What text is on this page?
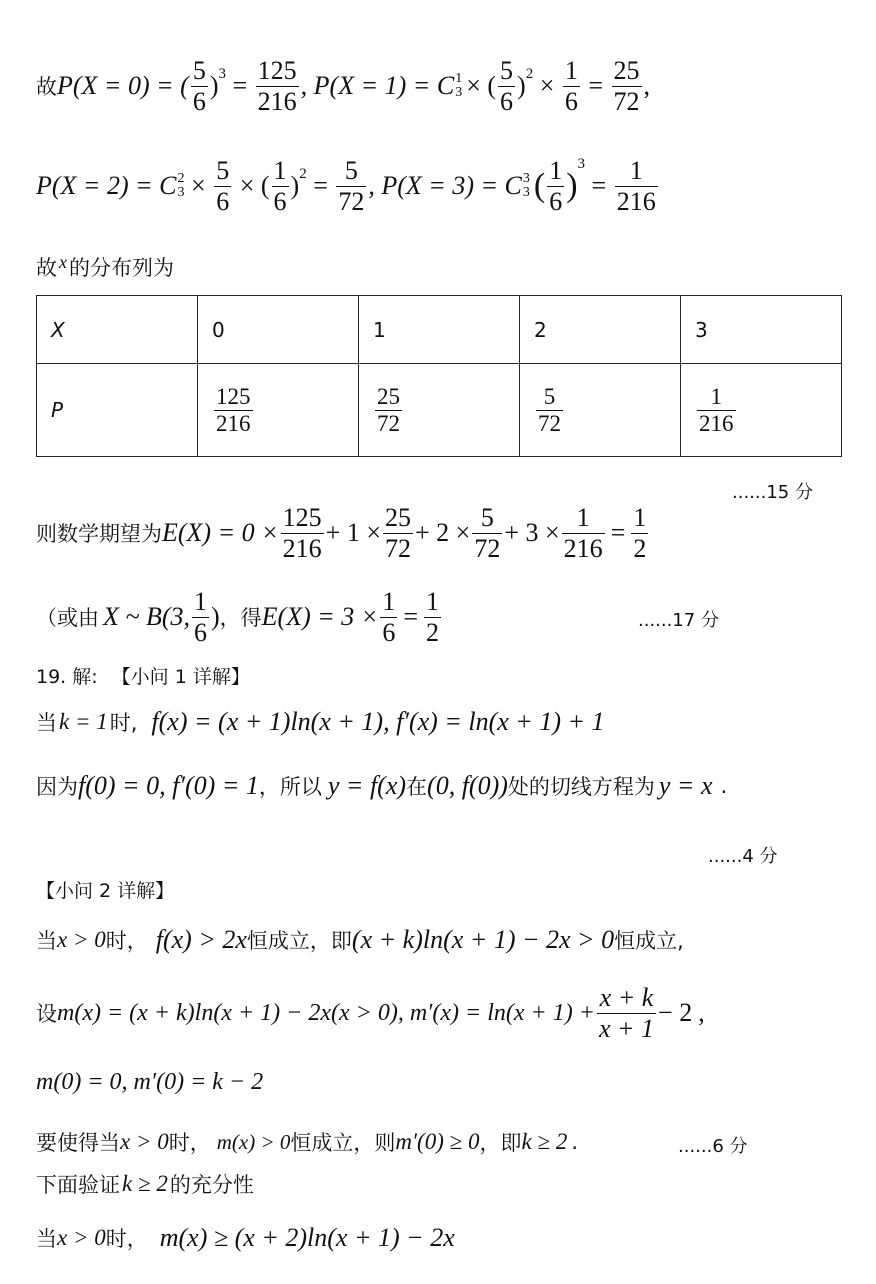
故 P(X = 0) = ( $\frac{5}{6}$ ) $3 = \frac{125}{216}$ , P(X = 1) = C 1
3 × ( $\frac{5}{6}$ ) $2 \times \frac{1}{6} = \frac{25}{72}$ ,
P(X = 2) = C 2
$3 \times \frac{5}{6}$ × ( $\frac{1}{6}$ ) $2 = \frac{5}{72}$ , P(X = 3) = C 3
3 ( $\frac{1}{6}$ )
3
= $\frac{1}{216}$
故 x 的分布列为
X	0	1	2	3
P	$\frac{125}{216}$	$\frac{25}{72}$	$\frac{5}{72}$	$\frac{1}{216}$
......15 分
则数学期望为 $E(X) = 0 \times \frac{125}{216} + 1 \times \frac{25}{72} + 2 \times \frac{5}{72} + 3 \times \frac{1}{216} = \frac{1}{2}$
（或由 X ~ B(3, $\frac{1}{6}$ ) ，得 $E(X) = 3 \times \frac{1}{6} = \frac{1}{2}$	......17 分
19. 解: 【小问 1 详解】
当 k = 1 时, f(x) = (x + 1)ln(x + 1), f′(x) = ln(x + 1) + 1
因为 f(0) = 0, f′(0) = 1 ，所以 y = f(x) 在 (0, f(0)) 处的切线方程为 y = x .
......4 分
【小问 2 详解】
当 x > 0 时， f(x) > 2x 恒成立，即 (x + k)ln(x + 1) − 2x > 0 恒成立,
设 m(x) = (x + k)ln(x + 1) − 2x(x > 0), $m'(x) = \ln(x + 1) + \frac{x + k}{x + 1} - 2$ ,
m(0) = 0, m′(0) = k − 2
要使得当 x > 0 时， m(x) > 0 恒成立，则 m′(0) ≥ 0 ，即 k ≥ 2 .	......6 分
下面验证 k ≥ 2 的充分性
当 x > 0 时， m(x) ≥ (x + 2)ln(x + 1) − 2x
